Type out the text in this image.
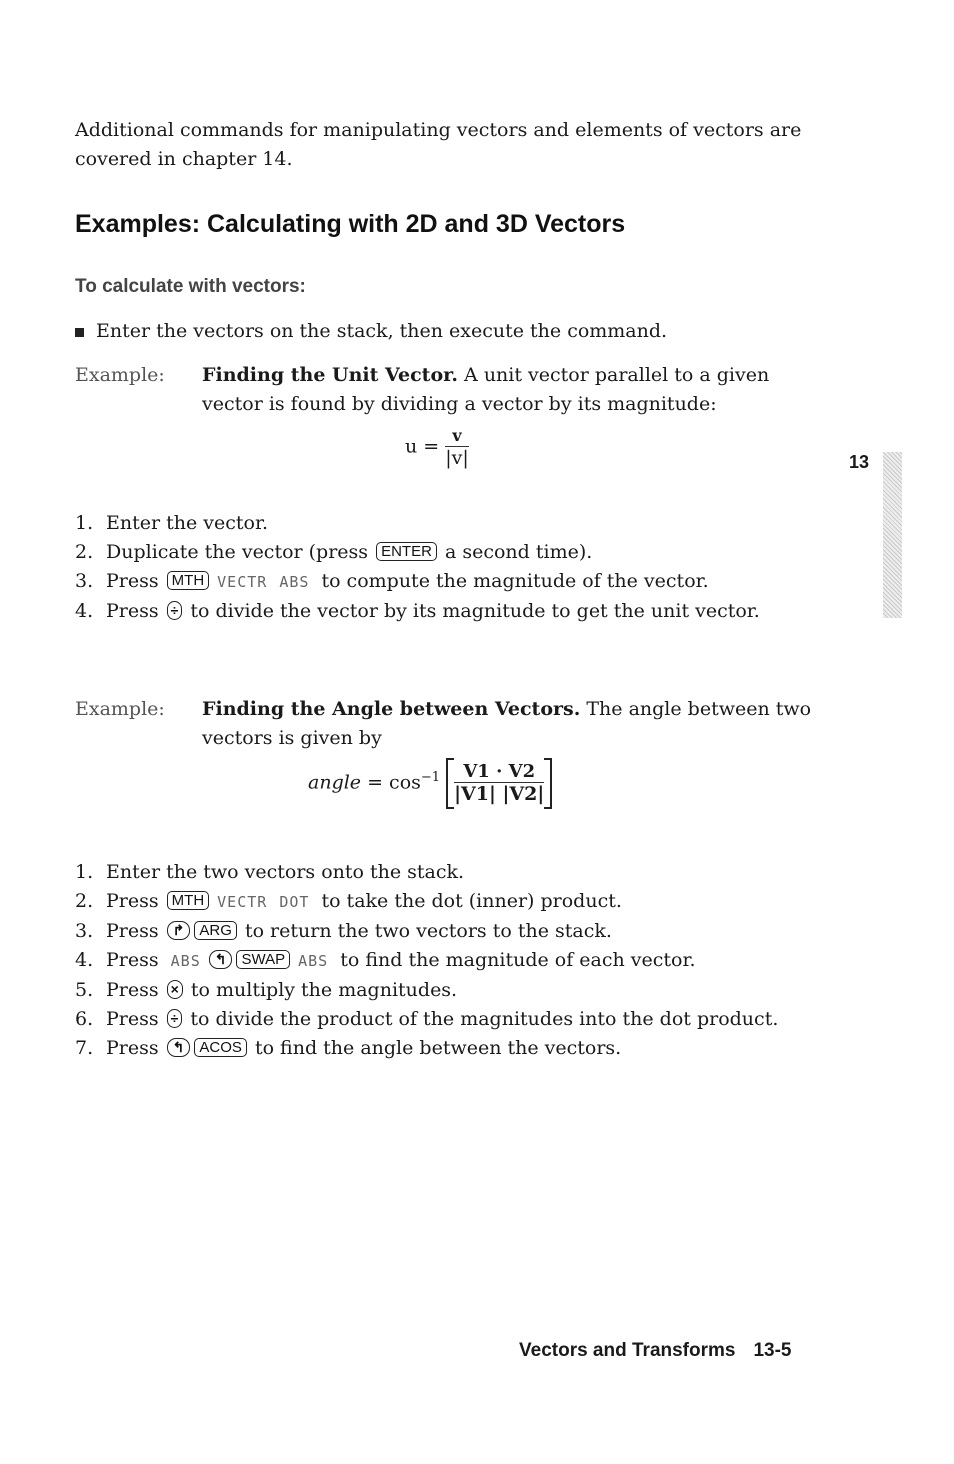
Additional commands for manipulating vectors and elements of vectors are covered in chapter 14.

Examples: Calculating with 2D and 3D Vectors
To calculate with vectors:
Enter the vectors on the stack, then execute the command.
Example:	Finding the Unit Vector. A unit vector parallel to a given vector is found by dividing a vector by its magnitude:
$u = \frac{v}{|v|}$
1. Enter the vector.
2. Duplicate the vector (press ENTER a second time).
3. Press MTH VECTR ABS to compute the magnitude of the vector.
4. Press ÷ to divide the vector by its magnitude to get the unit vector.
Example:	Finding the Angle between Vectors. The angle between two vectors is given by
angle = $\cos^{-1} \frac{V1 \cdot V2}{|V1| |V2|}$
1. Enter the two vectors onto the stack.
2. Press MTH VECTR DOT to take the dot (inner) product.
3. Press ↱ ARG to return the two vectors to the stack.
4. Press ABS ↰ SWAP ABS to find the magnitude of each vector.
5. Press × to multiply the magnitudes.
6. Press ÷ to divide the product of the magnitudes into the dot product.
7. Press ↰ ACOS to find the angle between the vectors.
13
Vectors and Transforms 13-5
